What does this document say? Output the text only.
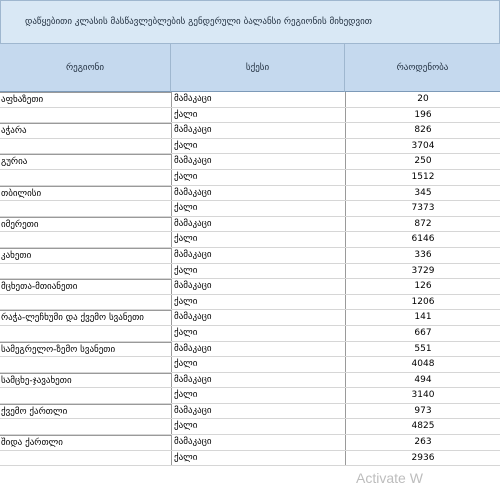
დაწყებითი კლასის მასწავლებლების გენდერული ბალანსი რეგიონის მიხედვით
რეგიონი	სქესი	რაოდენობა
აფხაზეთი	მამაკაცი	20
ქალი	196
აჭარა	მამაკაცი	826
ქალი	3704
გურია	მამაკაცი	250
ქალი	1512
თბილისი	მამაკაცი	345
ქალი	7373
იმერეთი	მამაკაცი	872
ქალი	6146
კახეთი	მამაკაცი	336
ქალი	3729
მცხეთა-მთიანეთი	მამაკაცი	126
ქალი	1206
რაჭა-ლეჩხუმი და ქვემო სვანეთი	მამაკაცი	141
ქალი	667
სამეგრელო-ზემო სვანეთი	მამაკაცი	551
ქალი	4048
სამცხე-ჯავახეთი	მამაკაცი	494
ქალი	3140
ქვემო ქართლი	მამაკაცი	973
ქალი	4825
შიდა ქართლი	მამაკაცი	263
ქალი	2936
Activate W
